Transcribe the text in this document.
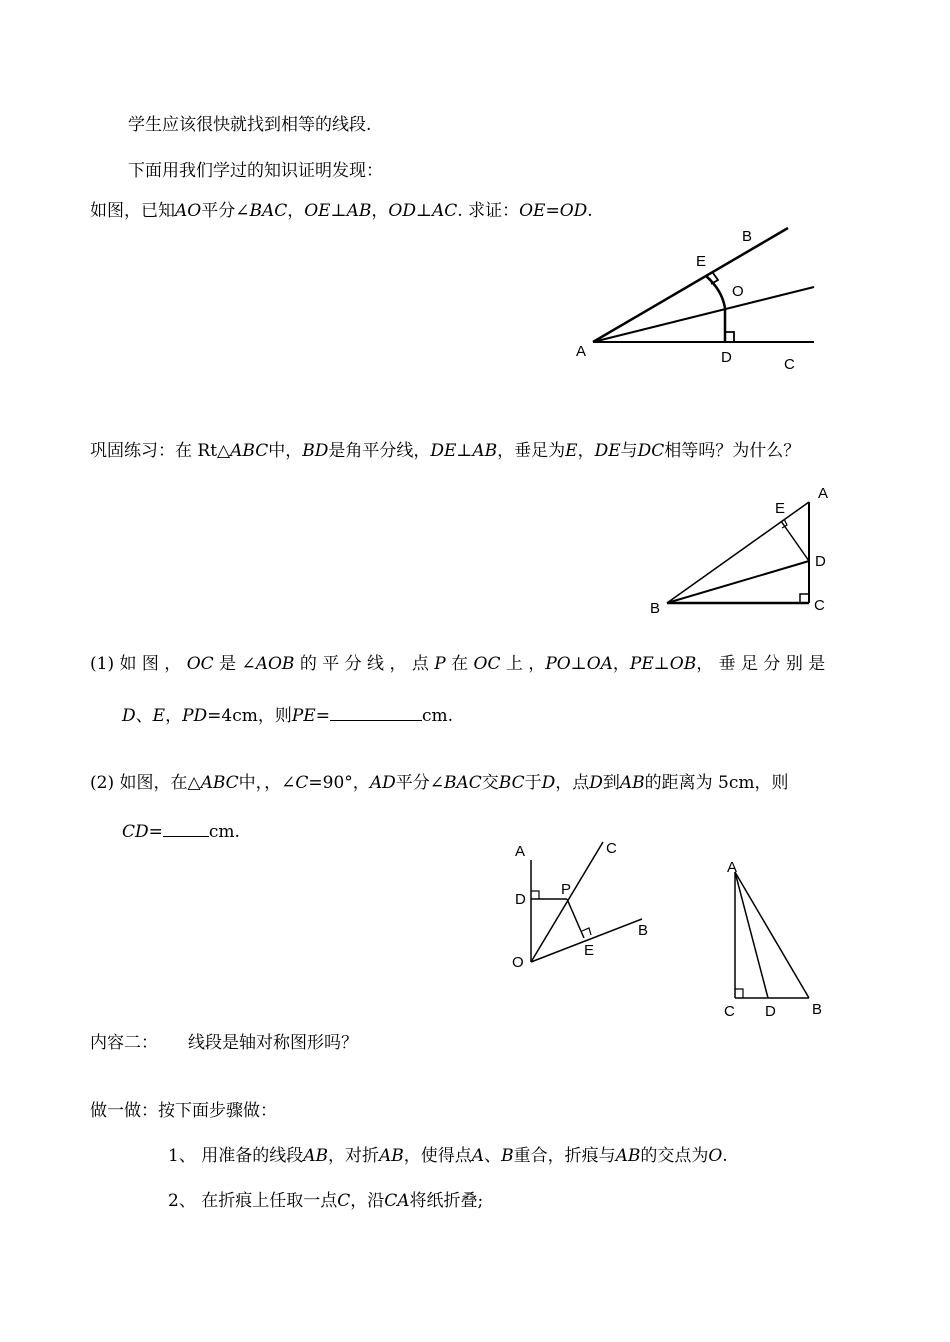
学生应该很快就找到相等的线段.
下面用我们学过的知识证明发现：
如图，已知AO平分∠BAC，OE⊥AB，OD⊥AC. 求证：OE=OD.
巩固练习：在 Rt△ABC中，BD是角平分线，DE⊥AB，垂足为E，DE与DC相等吗？为什么？
(1) 如 图 ， OC 是 ∠AOB 的 平 分 线 ， 点 P 在 OC 上 ，PO⊥OA，PE⊥OB， 垂 足 分 别 是
D、E，PD=4cm，则PE=	cm.
(2) 如图，在△ABC中，，∠C=90°，AD平分∠BAC交BC于D，点D到AB的距离为 5cm，则
CD=	cm.
内容二： 线段是轴对称图形吗？
做一做：按下面步骤做：
1、 用准备的线段AB，对折AB，使得点A、B重合，折痕与AB的交点为O.
2、 在折痕上任取一点C，沿CA将纸折叠;
A
B
C
D
E
O
A
B	C
D
E
A
B
C
D
E
O
P
A
B
C D
